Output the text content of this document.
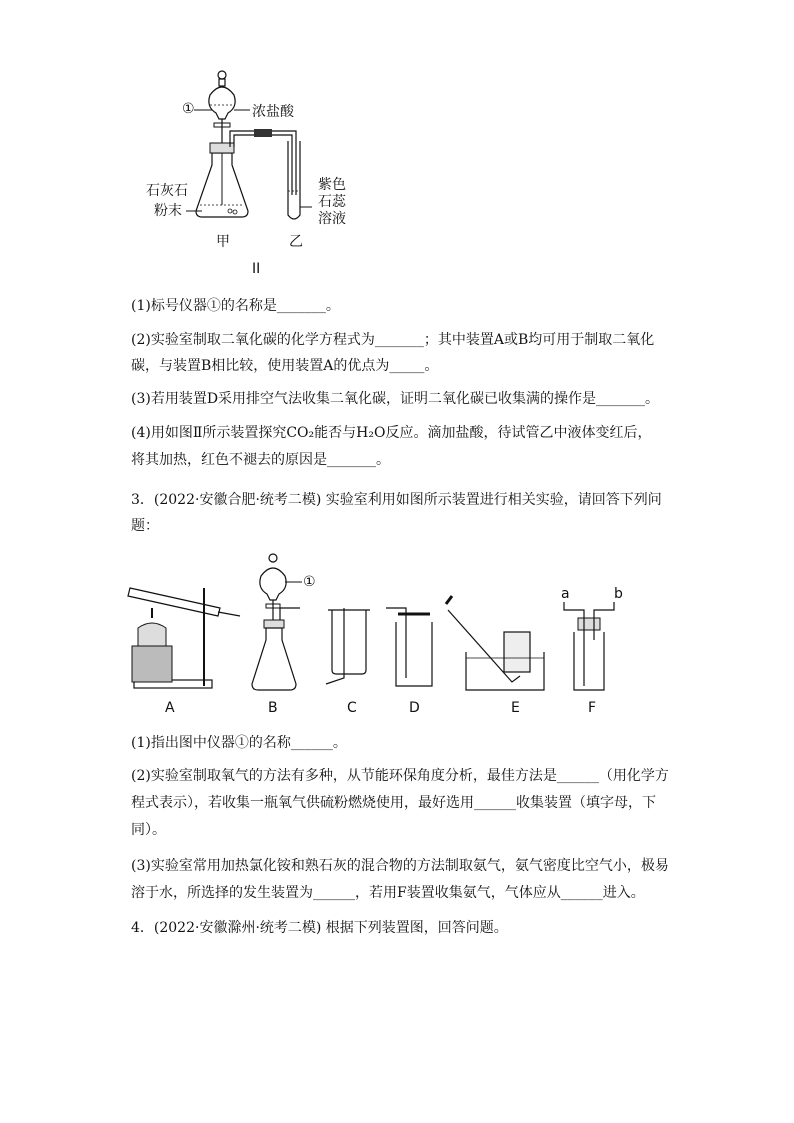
①	浓盐酸
石灰石
粉末
紫色
石蕊
溶液
甲	乙
II
(1)标号仪器①的名称是_______。
(2)实验室制取二氧化碳的化学方程式为_______；其中装置A或B均可用于制取二氧化
碳，与装置B相比较，使用装置A的优点为_____。
(3)若用装置D采用排空气法收集二氧化碳，证明二氧化碳已收集满的操作是_______。
(4)用如图Ⅱ所示装置探究CO₂能否与H₂O反应。滴加盐酸，待试管乙中液体变红后，
将其加热，红色不褪去的原因是_______。
3．(2022·安徽合肥·统考二模) 实验室利用如图所示装置进行相关实验，请回答下列问
题：
①
a	b
A	B	C	D	E	F
(1)指出图中仪器①的名称______。
(2)实验室制取氧气的方法有多种，从节能环保角度分析，最佳方法是______（用化学方
程式表示），若收集一瓶氧气供硫粉燃烧使用，最好选用______收集装置（填字母，下
同）。
(3)实验室常用加热氯化铵和熟石灰的混合物的方法制取氨气，氨气密度比空气小，极易
溶于水，所选择的发生装置为______，若用F装置收集氨气，气体应从______进入。
4．(2022·安徽滁州·统考二模) 根据下列装置图，回答问题。
